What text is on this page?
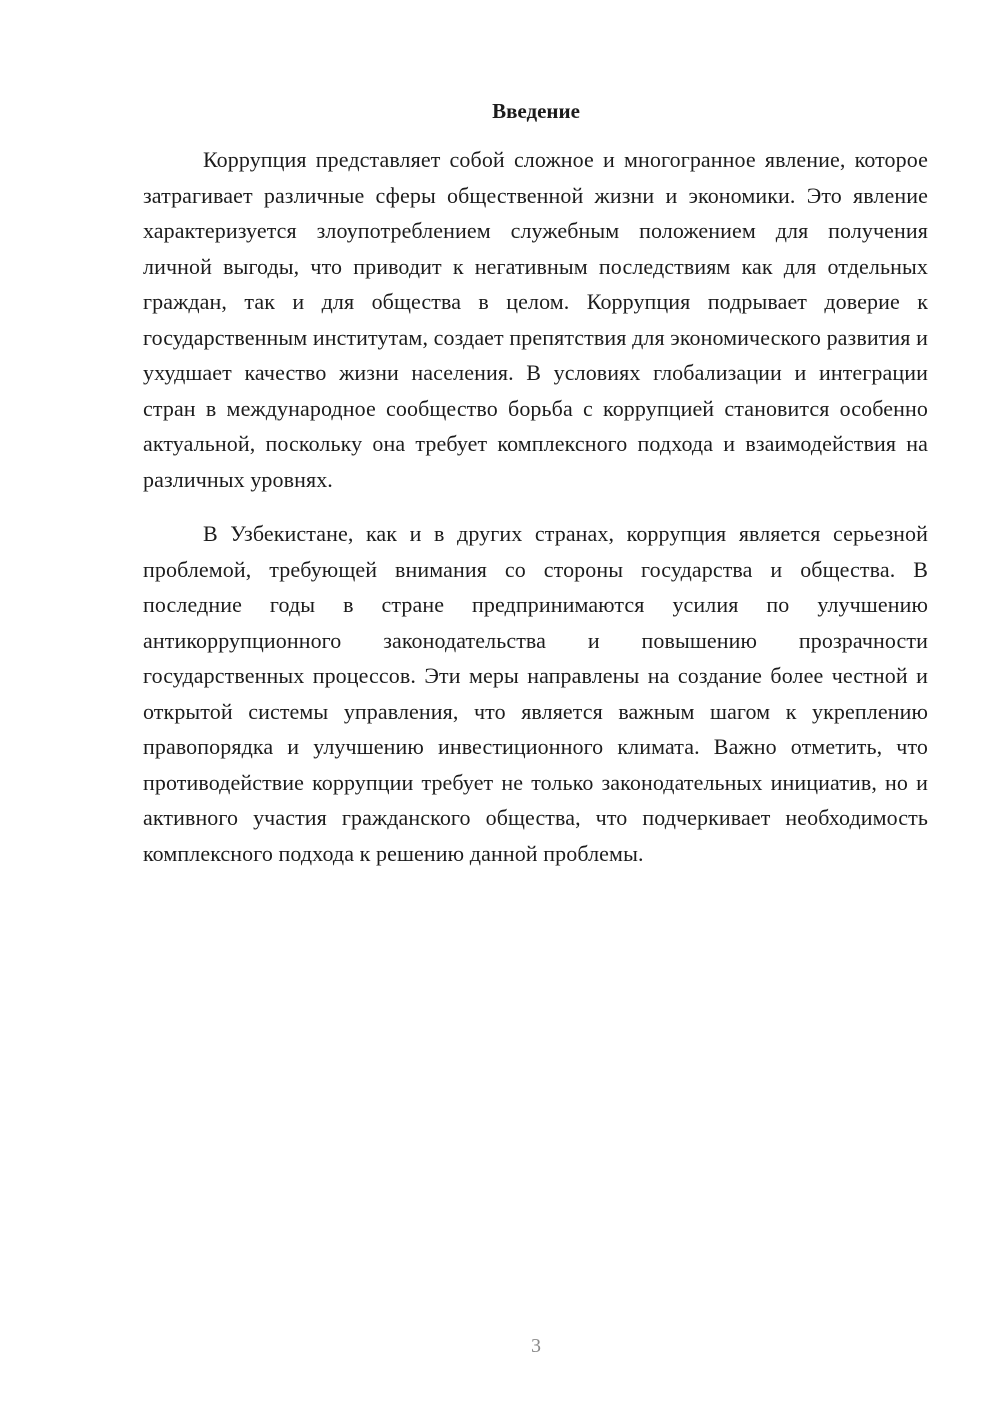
Введение

Коррупция представляет собой сложное и многогранное явление, которое затрагивает различные сферы общественной жизни и экономики. Это явление характеризуется злоупотреблением служебным положением для получения личной выгоды, что приводит к негативным последствиям как для отдельных граждан, так и для общества в целом. Коррупция подрывает доверие к государственным институтам, создает препятствия для экономического развития и ухудшает качество жизни населения. В условиях глобализации и интеграции стран в международное сообщество борьба с коррупцией становится особенно актуальной, поскольку она требует комплексного подхода и взаимодействия на различных уровнях.

В Узбекистане, как и в других странах, коррупция является серьезной проблемой, требующей внимания со стороны государства и общества. В последние годы в стране предпринимаются усилия по улучшению антикоррупционного законодательства и повышению прозрачности государственных процессов. Эти меры направлены на создание более честной и открытой системы управления, что является важным шагом к укреплению правопорядка и улучшению инвестиционного климата. Важно отметить, что противодействие коррупции требует не только законодательных инициатив, но и активного участия гражданского общества, что подчеркивает необходимость комплексного подхода к решению данной проблемы.

3
